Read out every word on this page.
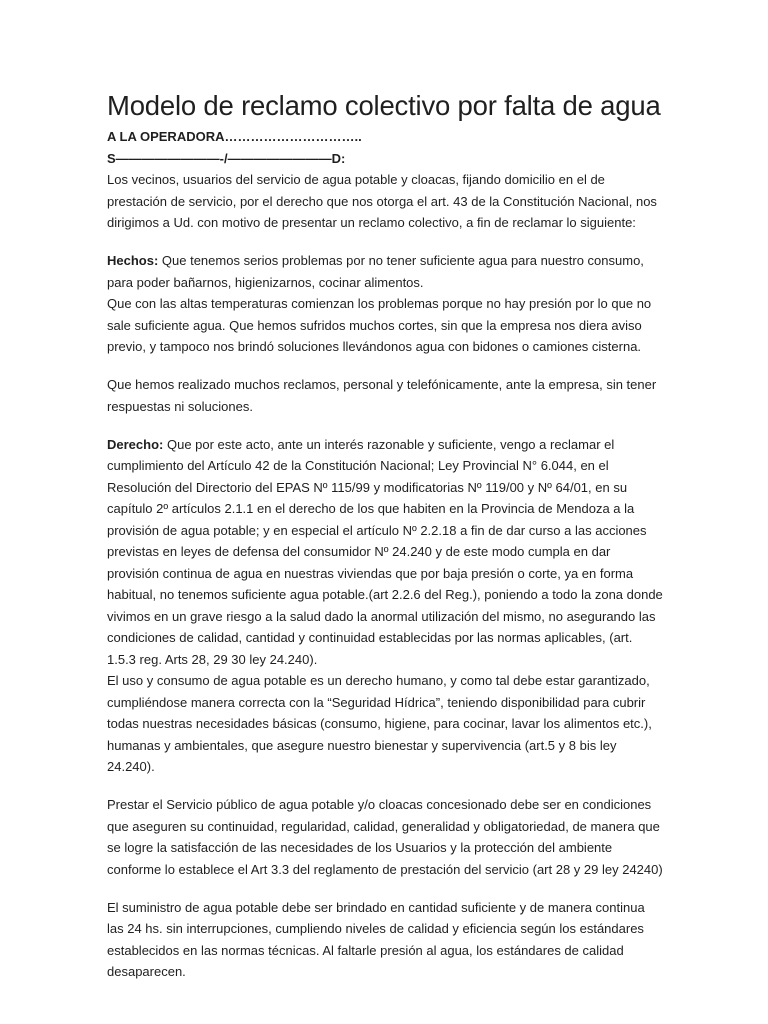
Modelo de reclamo colectivo por falta de agua

A LA OPERADORA…………………………..

S————————-/————————D:

Los vecinos, usuarios del servicio de agua potable y cloacas, fijando domicilio en el de prestación de servicio, por el derecho que nos otorga el art. 43 de la Constitución Nacional, nos dirigimos a Ud. con motivo de presentar un reclamo colectivo, a fin de reclamar lo siguiente:

Hechos: Que tenemos serios problemas por no tener suficiente agua para nuestro consumo, para poder bañarnos, higienizarnos, cocinar alimentos.

Que con las altas temperaturas comienzan los problemas porque no hay presión por lo que no sale suficiente agua. Que hemos sufridos muchos cortes, sin que la empresa nos diera aviso previo, y tampoco nos brindó soluciones llevándonos agua con bidones o camiones cisterna.

Que hemos realizado muchos reclamos, personal y telefónicamente, ante la empresa, sin tener respuestas ni soluciones.

Derecho: Que por este acto, ante un interés razonable y suficiente, vengo a reclamar el cumplimiento del Artículo 42 de la Constitución Nacional; Ley Provincial N° 6.044, en el Resolución del Directorio del EPAS Nº 115/99 y modificatorias Nº 119/00 y Nº 64/01, en su capítulo 2º artículos 2.1.1 en el derecho de los que habiten en la Provincia de Mendoza a la provisión de agua potable; y en especial el artículo Nº 2.2.18 a fin de dar curso a las acciones previstas en leyes de defensa del consumidor Nº 24.240 y de este modo cumpla en dar provisión continua de agua en nuestras viviendas que por baja presión o corte, ya en forma habitual, no tenemos suficiente agua potable.(art 2.2.6 del Reg.), poniendo a todo la zona donde vivimos en un grave riesgo a la salud dado la anormal utilización del mismo, no asegurando las condiciones de calidad, cantidad y continuidad establecidas por las normas aplicables, (art. 1.5.3 reg. Arts 28, 29 30 ley 24.240).

El uso y consumo de agua potable es un derecho humano, y como tal debe estar garantizado, cumpliéndose manera correcta con la “Seguridad Hídrica”, teniendo disponibilidad para cubrir todas nuestras necesidades básicas (consumo, higiene, para cocinar, lavar los alimentos etc.), humanas y ambientales, que asegure nuestro bienestar y supervivencia (art.5 y 8 bis ley 24.240).

Prestar el Servicio público de agua potable y/o cloacas concesionado debe ser en condiciones que aseguren su continuidad, regularidad, calidad, generalidad y obligatoriedad, de manera que se logre la satisfacción de las necesidades de los Usuarios y la protección del ambiente conforme lo establece el Art 3.3 del reglamento de prestación del servicio (art 28 y 29 ley 24240)

El suministro de agua potable debe ser brindado en cantidad suficiente y de manera continua las 24 hs. sin interrupciones, cumpliendo niveles de calidad y eficiencia según los estándares establecidos en las normas técnicas. Al faltarle presión al agua, los estándares de calidad desaparecen.
